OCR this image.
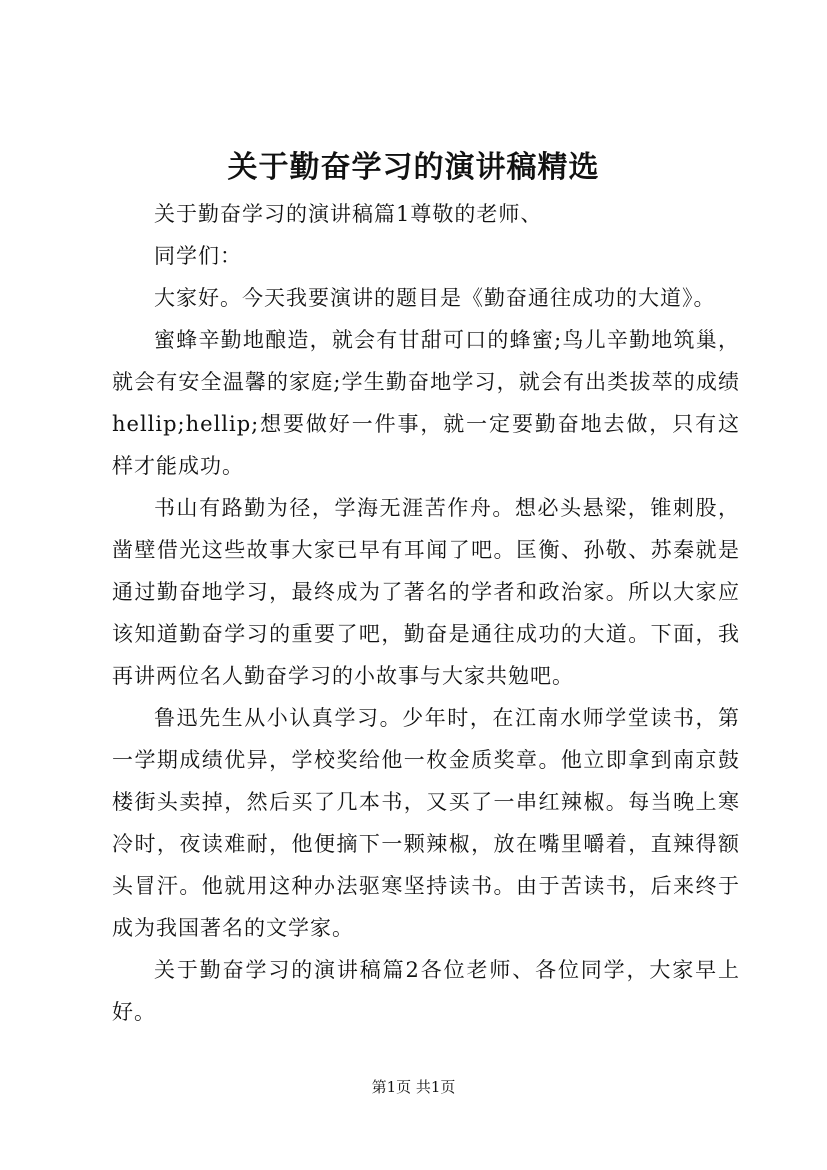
关于勤奋学习的演讲稿精选

关于勤奋学习的演讲稿篇1尊敬的老师、

同学们：

大家好。今天我要演讲的题目是《勤奋通往成功的大道》。

蜜蜂辛勤地酿造，就会有甘甜可口的蜂蜜;鸟儿辛勤地筑巢，就会有安全温馨的家庭;学生勤奋地学习，就会有出类拔萃的成绩hellip;hellip;想要做好一件事，就一定要勤奋地去做，只有这样才能成功。

书山有路勤为径，学海无涯苦作舟。想必头悬梁，锥刺股，凿壁借光这些故事大家已早有耳闻了吧。匡衡、孙敬、苏秦就是通过勤奋地学习，最终成为了著名的学者和政治家。所以大家应该知道勤奋学习的重要了吧，勤奋是通往成功的大道。下面，我再讲两位名人勤奋学习的小故事与大家共勉吧。

鲁迅先生从小认真学习。少年时，在江南水师学堂读书，第一学期成绩优异，学校奖给他一枚金质奖章。他立即拿到南京鼓楼街头卖掉，然后买了几本书，又买了一串红辣椒。每当晚上寒冷时，夜读难耐，他便摘下一颗辣椒，放在嘴里嚼着，直辣得额头冒汗。他就用这种办法驱寒坚持读书。由于苦读书，后来终于成为我国著名的文学家。

关于勤奋学习的演讲稿篇2各位老师、各位同学，大家早上好。

第1页 共1页
